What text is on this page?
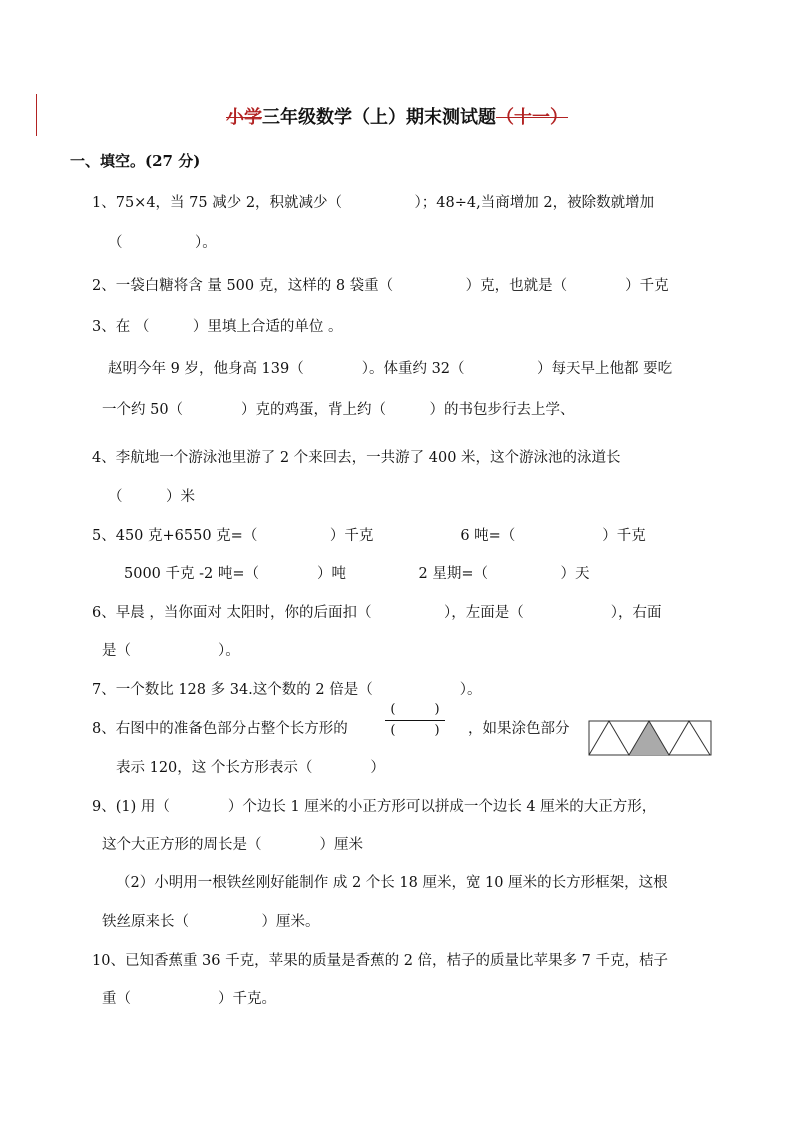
小学三年级数学（上）期末测试题（十一）
一、填空。(27 分)
1、75×4，当 75 减少 2，积就减少（　　　　　）；48÷4,当商增加 2，被除数就增加
（　　　　　）。
2、一袋白糖将含 量 500 克，这样的 8 袋重（　　　　　）克，也就是（　　　　）千克
3、在 （　　　）里填上合适的单位 。
赵明今年 9 岁，他身高 139（　　　　）。体重约 32（　　　　　）每天早上他都 要吃
一个约 50（　　　　）克的鸡蛋，背上约（　　　）的书包步行去上学、
4、李航地一个游泳池里游了 2 个来回去，一共游了 400 米，这个游泳池的泳道长
（　　　）米
5、450 克+6550 克=（　　　　　）千克　　　　　　6 吨=（　　　　　　）千克
5000 千克 -2 吨=（　　　　）吨　　　　　2 星期=（　　　　　）天
6、早晨 ，当你面对 太阳时，你的后面扣（　　　　　），左面是（　　　　　　），右面
是（　　　　　　）。
7、一个数比 128 多 34.这个数的 2 倍是（　　　　　　）。
8、右图中的准备色部分占整个长方形的
(　　　)
(　　　)	，如果涂色部分
表示 120，这 个长方形表示（　　　　）
9、(1) 用（　　　　）个边长 1 厘米的小正方形可以拼成一个边长 4 厘米的大正方形，
这个大正方形的周长是（　　　　）厘米
（2）小明用一根铁丝刚好能制作 成 2 个长 18 厘米，宽 10 厘米的长方形框架，这根
铁丝原来长（　　　　　）厘米。
10、已知香蕉重 36 千克，苹果的质量是香蕉的 2 倍，桔子的质量比苹果多 7 千克，桔子
重（　　　　　　）千克。
